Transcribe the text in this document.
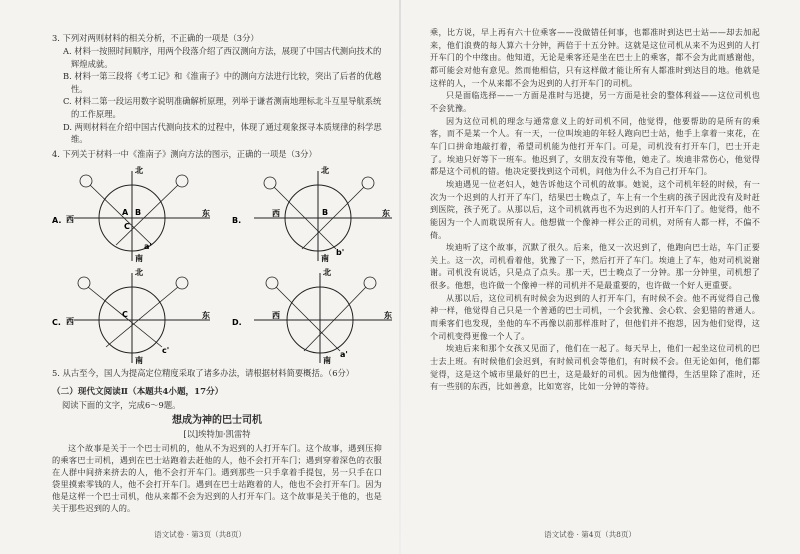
3. 下列对两则材料的相关分析，不正确的一项是（3分）

A. 材料一按照时间顺序，用两个段落介绍了西汉测向方法，展现了中国古代测向技术的辉煌成就。

B. 材料一第三段将《考工记》和《淮南子》中的测向方法进行比较，突出了后者的优越性。

C. 材料二第一段运用数字说明准确解析原理，列举于谦者测南地理标北斗互星导航系统的工作原理。

D. 两则材料在介绍中国古代测向技术的过程中，体现了通过观象探寻本质规律的科学思维。

4. 下列关于材料一中《淮南子》测向方法的图示，正确的一项是（3分）

A.
北
南
西
东
A B
C
a'
B.
北
南
西	东
B
b'
C.
北
南
西
东
C
c'
D.
北
南
西	东
a'

5. 从古至今，国人为提高定位精度采取了诸多办法，请根据材料简要概括。（6分）

（二）现代文阅读Ⅱ（本题共4小题，17分）

阅读下面的文字，完成6～9题。

想成为神的巴士司机

[以]埃特加·凯雷特

这个故事是关于一个巴士司机的，他从不为迟到的人打开车门。这个故事，遇到压抑的乘客巴士司机，遇到在巴士站跑着去赶他的人，他不会打开车门；遇到穿着深色的衣服在人群中间挤来挤去的人，他不会打开车门。遇到那些一只手拿着手提包，另一只手在口袋里摸索零钱的人，他不会打开车门。遇到在巴士站跑着的人，他也不会打开车门。因为他是这样一个巴士司机，他从来都不会为迟到的人打开车门。这个故事是关于他的，也是关于那些迟到的人的。

语文试卷 · 第3页（共8页）

乘，比方说，早上再有六十位乘客——没做错任何事，也都准时到达巴士站——却去加起来，他们浪费的每人算六十分钟，两倍于十五分钟。这就是这位司机从来不为迟到的人打开车门的个中缘由。他知道，无论是乘客还是坐在巴士上的乘客，都不会为此而感谢他，都可能会对他有意见。然而他相信，只有这样做才能让所有人都准时到达目的地。他就是这样的人，一个从来都不会为迟到的人打开车门的司机。

只是面临选择——一方面是准时与迅捷，另一方面是社会的整体利益——这位司机也不会犹豫。

因为这位司机的理念与通常意义上的好司机不同，他觉得，他要帮助的是所有的乘客，而不是某一个人。有一天，一位叫埃迪的年轻人跑向巴士站，他手上拿着一束花，在车门口拼命地敲打着，希望司机能为他打开车门。可是，司机没有打开车门，巴士开走了。埃迪只好等下一班车。他迟到了，女朋友没有等他，她走了。埃迪非常伤心，他觉得都是这个司机的错。他决定要找到这个司机，问他为什么不为自己打开车门。

埃迪遇见一位老妇人，她告诉他这个司机的故事。她说，这个司机年轻的时候，有一次为一个迟到的人打开了车门，结果巴士晚点了，车上有一个生病的孩子因此没有及时赶到医院，孩子死了。从那以后，这个司机就再也不为迟到的人打开车门了。他觉得，他不能因为一个人而耽误所有人。他想做一个像神一样公正的司机，对所有人都一样，不偏不倚。

埃迪听了这个故事，沉默了很久。后来，他又一次迟到了，他跑向巴士站，车门正要关上。这一次，司机看着他，犹豫了一下，然后打开了车门。埃迪上了车，他对司机说谢谢。司机没有说话，只是点了点头。那一天，巴士晚点了一分钟。那一分钟里，司机想了很多。他想，也许做一个像神一样的司机并不是最重要的，也许做一个好人更重要。

从那以后，这位司机有时候会为迟到的人打开车门，有时候不会。他不再觉得自己像神一样，他觉得自己只是一个普通的巴士司机，一个会犹豫、会心软、会犯错的普通人。而乘客们也发现，坐他的车不再像以前那样准时了，但他们并不抱怨，因为他们觉得，这个司机变得更像一个人了。

埃迪后来和那个女孩又见面了，他们在一起了。每天早上，他们一起坐这位司机的巴士去上班。有时候他们会迟到，有时候司机会等他们，有时候不会。但无论如何，他们都觉得，这是这个城市里最好的巴士，这是最好的司机。因为他懂得，生活里除了准时，还有一些别的东西，比如善意，比如宽容，比如一分钟的等待。

语文试卷 · 第4页（共8页）
